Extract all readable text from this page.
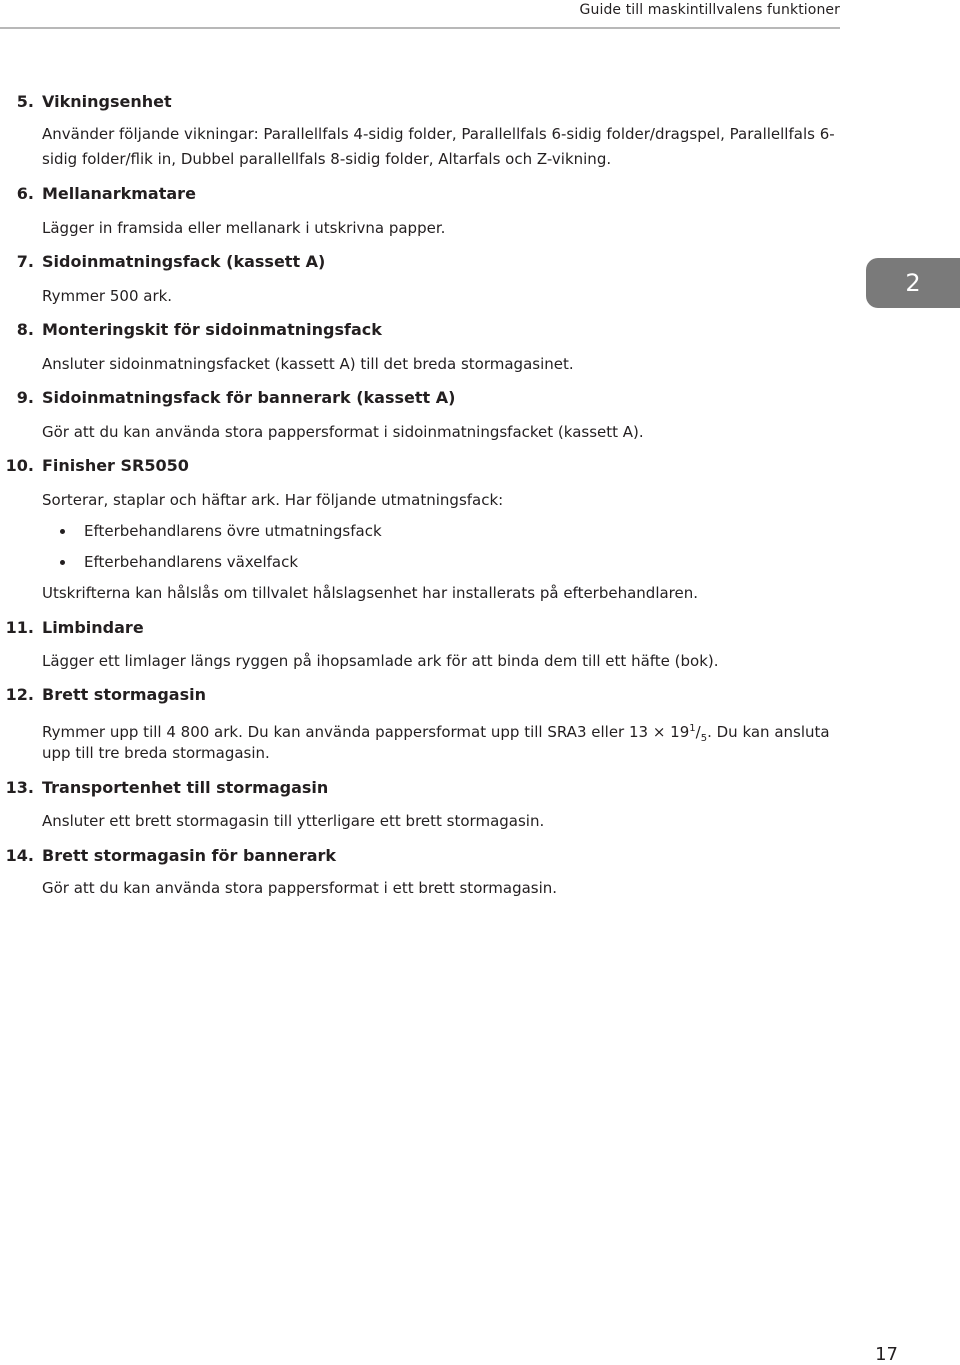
Guide till maskintillvalens funktioner
2
5. Vikningsenhet
Använder följande vikningar: Parallellfals 4-sidig folder, Parallellfals 6-sidig folder/dragspel, Parallellfals 6-
sidig folder/flik in, Dubbel parallellfals 8-sidig folder, Altarfals och Z-vikning.
6. Mellanarkmatare
Lägger in framsida eller mellanark i utskrivna papper.
7. Sidoinmatningsfack (kassett A)
Rymmer 500 ark.
8. Monteringskit för sidoinmatningsfack
Ansluter sidoinmatningsfacket (kassett A) till det breda stormagasinet.
9. Sidoinmatningsfack för bannerark (kassett A)
Gör att du kan använda stora pappersformat i sidoinmatningsfacket (kassett A).
10. Finisher SR5050
Sorterar, staplar och häftar ark. Har följande utmatningsfack:
Efterbehandlarens övre utmatningsfack
Efterbehandlarens växelfack
Utskrifterna kan hålslås om tillvalet hålslagsenhet har installerats på efterbehandlaren.
11. Limbindare
Lägger ett limlager längs ryggen på ihopsamlade ark för att binda dem till ett häfte (bok).
12. Brett stormagasin
Rymmer upp till 4 800 ark. Du kan använda pappersformat upp till SRA3 eller $13 \times 19^1/_5$. Du kan ansluta
upp till tre breda stormagasin.
13. Transportenhet till stormagasin
Ansluter ett brett stormagasin till ytterligare ett brett stormagasin.
14. Brett stormagasin för bannerark
Gör att du kan använda stora pappersformat i ett brett stormagasin.
17
